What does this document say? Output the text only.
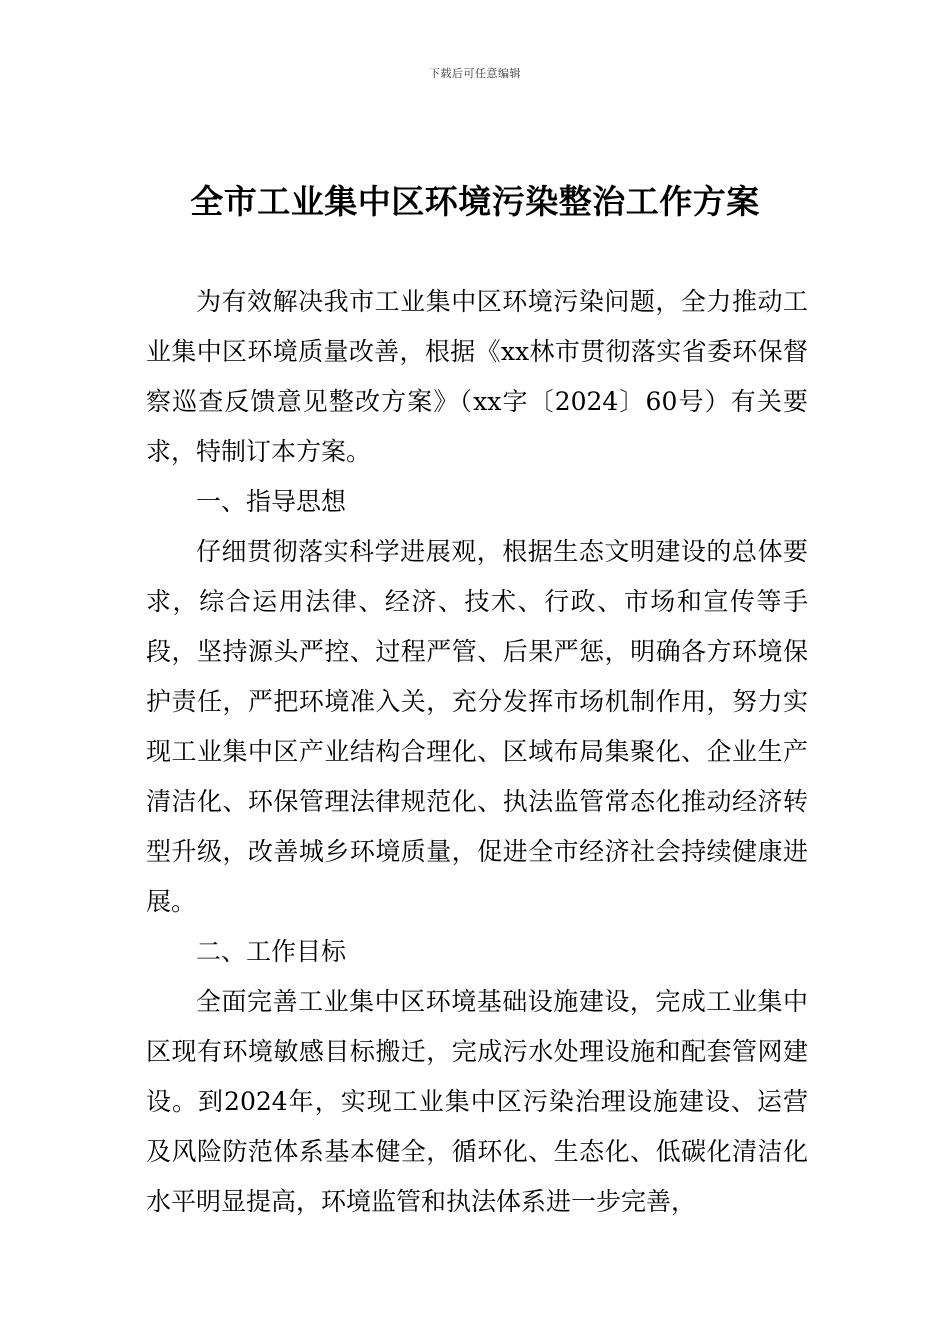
下载后可任意编辑
全市工业集中区环境污染整治工作方案

为有效解决我市工业集中区环境污染问题，全力推动工业集中区环境质量改善，根据《xx林市贯彻落实省委环保督察巡查反馈意见整改方案》（xx字〔2024〕60号）有关要求，特制订本方案。

一、指导思想

仔细贯彻落实科学进展观，根据生态文明建设的总体要求，综合运用法律、经济、技术、行政、市场和宣传等手段，坚持源头严控、过程严管、后果严惩，明确各方环境保护责任，严把环境准入关，充分发挥市场机制作用，努力实现工业集中区产业结构合理化、区域布局集聚化、企业生产清洁化、环保管理法律规范化、执法监管常态化推动经济转型升级，改善城乡环境质量，促进全市经济社会持续健康进展。

二、工作目标

全面完善工业集中区环境基础设施建设，完成工业集中区现有环境敏感目标搬迁，完成污水处理设施和配套管网建设。到2024年，实现工业集中区污染治理设施建设、运营及风险防范体系基本健全，循环化、生态化、低碳化清洁化水平明显提高，环境监管和执法体系进一步完善，
